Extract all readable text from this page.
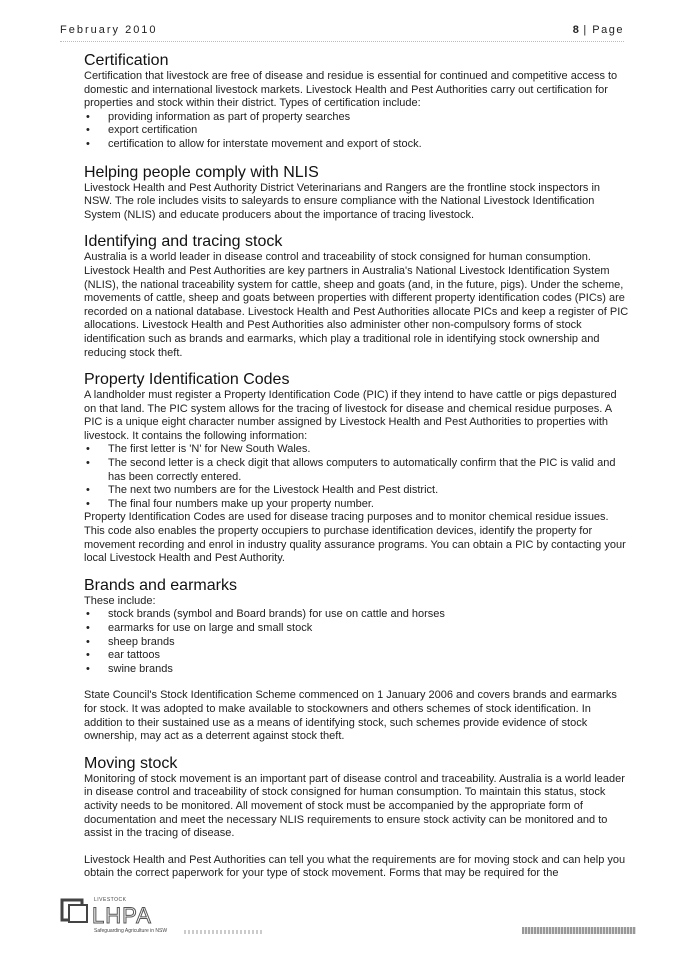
February 2010	8 | Page
Certification

Certification that livestock are free of disease and residue is essential for continued and competitive access to domestic and international livestock markets. Livestock Health and Pest Authorities carry out certification for properties and stock within their district. Types of certification include:

• providing information as part of property searches
• export certification
• certification to allow for interstate movement and export of stock.
Helping people comply with NLIS

Livestock Health and Pest Authority District Veterinarians and Rangers are the frontline stock inspectors in NSW. The role includes visits to saleyards to ensure compliance with the National Livestock Identification System (NLIS) and educate producers about the importance of tracing livestock.

Identifying and tracing stock

Australia is a world leader in disease control and traceability of stock consigned for human consumption. Livestock Health and Pest Authorities are key partners in Australia's National Livestock Identification System (NLIS), the national traceability system for cattle, sheep and goats (and, in the future, pigs). Under the scheme, movements of cattle, sheep and goats between properties with different property identification codes (PICs) are recorded on a national database. Livestock Health and Pest Authorities allocate PICs and keep a register of PIC allocations. Livestock Health and Pest Authorities also administer other non-compulsory forms of stock identification such as brands and earmarks, which play a traditional role in identifying stock ownership and reducing stock theft.

Property Identification Codes

A landholder must register a Property Identification Code (PIC) if they intend to have cattle or pigs depastured on that land. The PIC system allows for the tracing of livestock for disease and chemical residue purposes. A PIC is a unique eight character number assigned by Livestock Health and Pest Authorities to properties with livestock. It contains the following information:

• The first letter is 'N' for New South Wales.
• The second letter is a check digit that allows computers to automatically confirm that the PIC is valid and has been correctly entered.
• The next two numbers are for the Livestock Health and Pest district.
• The final four numbers make up your property number.

Property Identification Codes are used for disease tracing purposes and to monitor chemical residue issues. This code also enables the property occupiers to purchase identification devices, identify the property for movement recording and enrol in industry quality assurance programs. You can obtain a PIC by contacting your local Livestock Health and Pest Authority.

Brands and earmarks

These include:

• stock brands (symbol and Board brands) for use on cattle and horses
• earmarks for use on large and small stock
• sheep brands
• ear tattoos
• swine brands

State Council's Stock Identification Scheme commenced on 1 January 2006 and covers brands and earmarks for stock. It was adopted to make available to stockowners and others schemes of stock identification. In addition to their sustained use as a means of identifying stock, such schemes provide evidence of stock ownership, may act as a deterrent against stock theft.

Moving stock

Monitoring of stock movement is an important part of disease control and traceability. Australia is a world leader in disease control and traceability of stock consigned for human consumption. To maintain this status, stock activity needs to be monitored. All movement of stock must be accompanied by the appropriate form of documentation and meet the necessary NLIS requirements to ensure stock activity can be monitored and to assist in the tracing of disease.

Livestock Health and Pest Authorities can tell you what the requirements are for moving stock and can help you obtain the correct paperwork for your type of stock movement. Forms that may be required for the

LIVESTOCK
LHPA
Safeguarding Agriculture in NSW
